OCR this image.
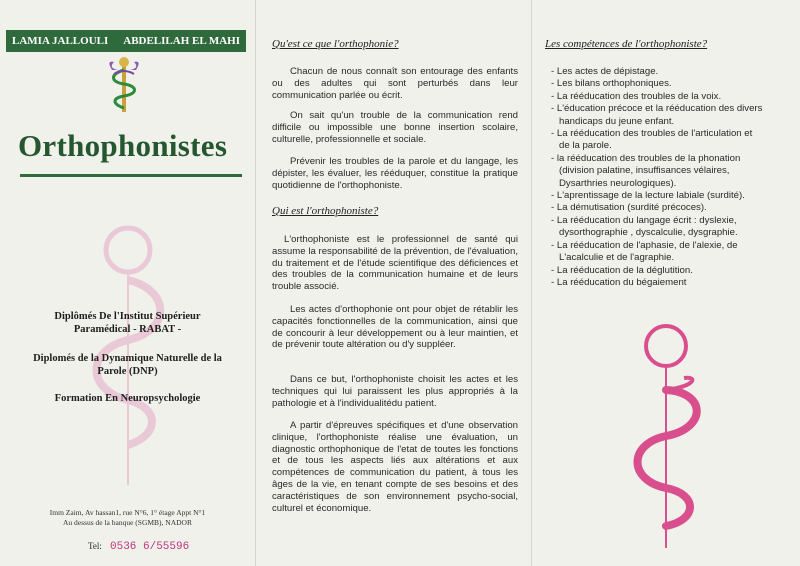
LAMIA JALLOULI ABDELILAH EL MAHI
Orthophonistes
Diplômés De l'Institut Supérieur
Paramédical - RABAT -
Diplomés de la Dynamique Naturelle de la
Parole (DNP)
Formation En Neuropsychologie
Imm Zaim, Av hassan1, rue N°6, 1° étage Appt N°1
Au dessus de la banque (SGMB), NADOR
Tel: 0536 6/55596
Qu'est ce que l'orthophonie?
Chacun de nous connaît son entourage des enfants ou des adultes qui sont perturbés dans leur communication parlée ou écrit.
On sait qu'un trouble de la communication rend difficile ou impossible une bonne insertion scolaire, culturelle, professionnelle et sociale.
Prévenir les troubles de la parole et du langage, les dépister, les évaluer, les rééduquer, constitue la pratique quotidienne de l'orthophoniste.
Qui est l'orthophoniste?
L'orthophoniste est le professionnel de santé qui assume la responsabilité de la prévention, de l'évaluation, du traitement et de l'étude scientifique des déficiences et des troubles de la communication humaine et de leurs trouble associé.
Les actes d'orthophonie ont pour objet de rétablir les capacités fonctionnelles de la communication, ainsi que de concourir à leur développement ou à leur maintien, et de prévenir toute altération ou d'y suppléer.
Dans ce but, l'orthophoniste choisit les actes et les techniques qui lui paraissent les plus appropriés à la pathologie et à l'individualitédu patient.
A partir d'épreuves spécifiques et d'une observation clinique, l'orthophoniste réalise une évaluation, un diagnostic orthophonique de l'etat de toutes les fonctions et de tous les aspects liés aux altérations et aux compétences de communication du patient, à tous les âges de la vie, en tenant compte de ses besoins et des caractéristiques de son environnement psycho-social, culturel et économique.
Les compétences de l'orthophoniste?
- Les actes de dépistage.
- Les bilans orthophoniques.
- La rééducation des troubles de la voix.
- L'éducation précoce et la rééducation des divers
handicaps du jeune enfant.
- La rééducation des troubles de l'articulation et
de la parole.
- la rééducation des troubles de la phonation
(division palatine, insuffisances vélaires,
Dysarthries neurologiques).
- L'aprentissage de la lecture labiale (surdité).
- La démutisation (surdité précoces).
- La rééducation du langage écrit : dyslexie,
dysorthographie , dyscalculie, dysgraphie.
- La rééducation de l'aphasie, de l'alexie, de
L'acalculie et de l'agraphie.
- La rééducation de la déglutition.
- La rééducation du bégaiement
